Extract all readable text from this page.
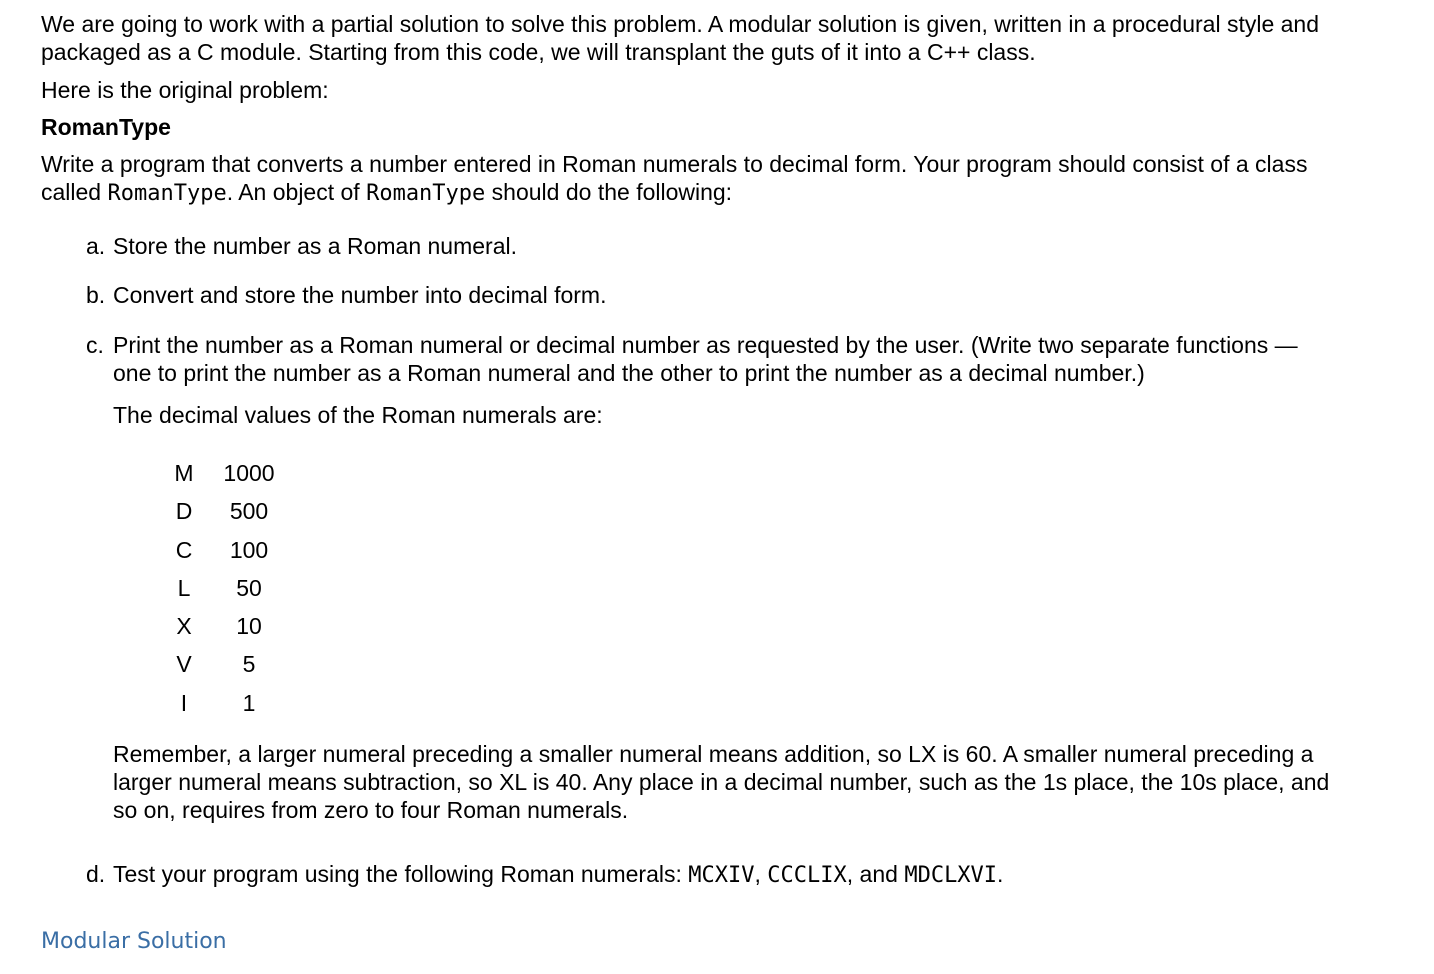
We are going to work with a partial solution to solve this problem. A modular solution is given, written in a procedural style and packaged as a C module. Starting from this code, we will transplant the guts of it into a C++ class.

Here is the original problem:

RomanType

Write a program that converts a number entered in Roman numerals to decimal form. Your program should consist of a class called RomanType. An object of RomanType should do the following:

a. Store the number as a Roman numeral.

b. Convert and store the number into decimal form.

c. Print the number as a Roman numeral or decimal number as requested by the user. (Write two separate functions —one to print the number as a Roman numeral and the other to print the number as a decimal number.)

The decimal values of the Roman numerals are:

M 1000
D	500
C	100
L	50
X	10
V	5
I	1

Remember, a larger numeral preceding a smaller numeral means addition, so LX is 60. A smaller numeral preceding a larger numeral means subtraction, so XL is 40. Any place in a decimal number, such as the 1s place, the 10s place, and so on, requires from zero to four Roman numerals.

d. Test your program using the following Roman numerals: MCXIV, CCCLIX, and MDCLXVI.

Modular Solution
